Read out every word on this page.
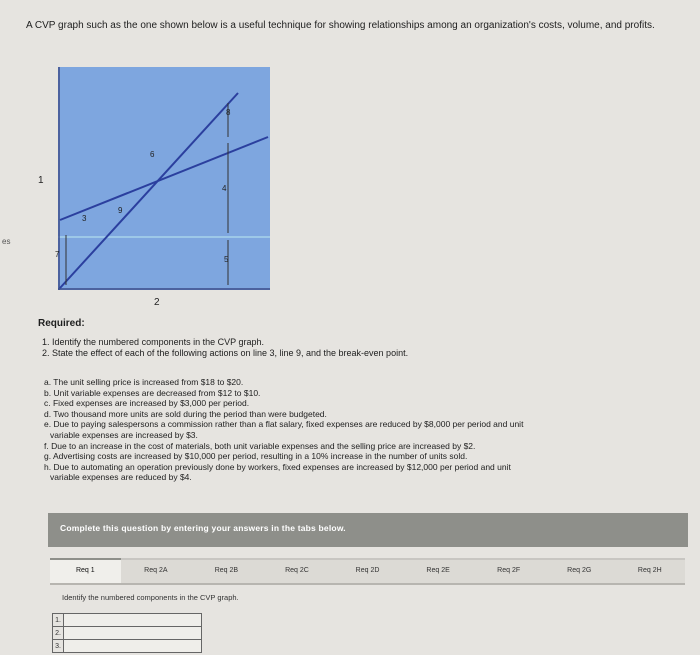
A CVP graph such as the one shown below is a useful technique for showing relationships among an organization's costs, volume, and profits.
es
8
4
5
6
9
3
7
1
2
Required:
1. Identify the numbered components in the CVP graph.
2. State the effect of each of the following actions on line 3, line 9, and the break-even point.
a. The unit selling price is increased from $18 to $20.
b. Unit variable expenses are decreased from $12 to $10.
c. Fixed expenses are increased by $3,000 per period.
d. Two thousand more units are sold during the period than were budgeted.
e. Due to paying salespersons a commission rather than a flat salary, fixed expenses are reduced by $8,000 per period and unit
variable expenses are increased by $3.
f. Due to an increase in the cost of materials, both unit variable expenses and the selling price are increased by $2.
g. Advertising costs are increased by $10,000 per period, resulting in a 10% increase in the number of units sold.
h. Due to automating an operation previously done by workers, fixed expenses are increased by $12,000 per period and unit
variable expenses are reduced by $4.
Complete this question by entering your answers in the tabs below.
Req 1	Req 2A	Req 2B	Req 2C	Req 2D	Req 2E	Req 2F	Req 2G	Req 2H
Identify the numbered components in the CVP graph.
1.	
2.	
3.	
